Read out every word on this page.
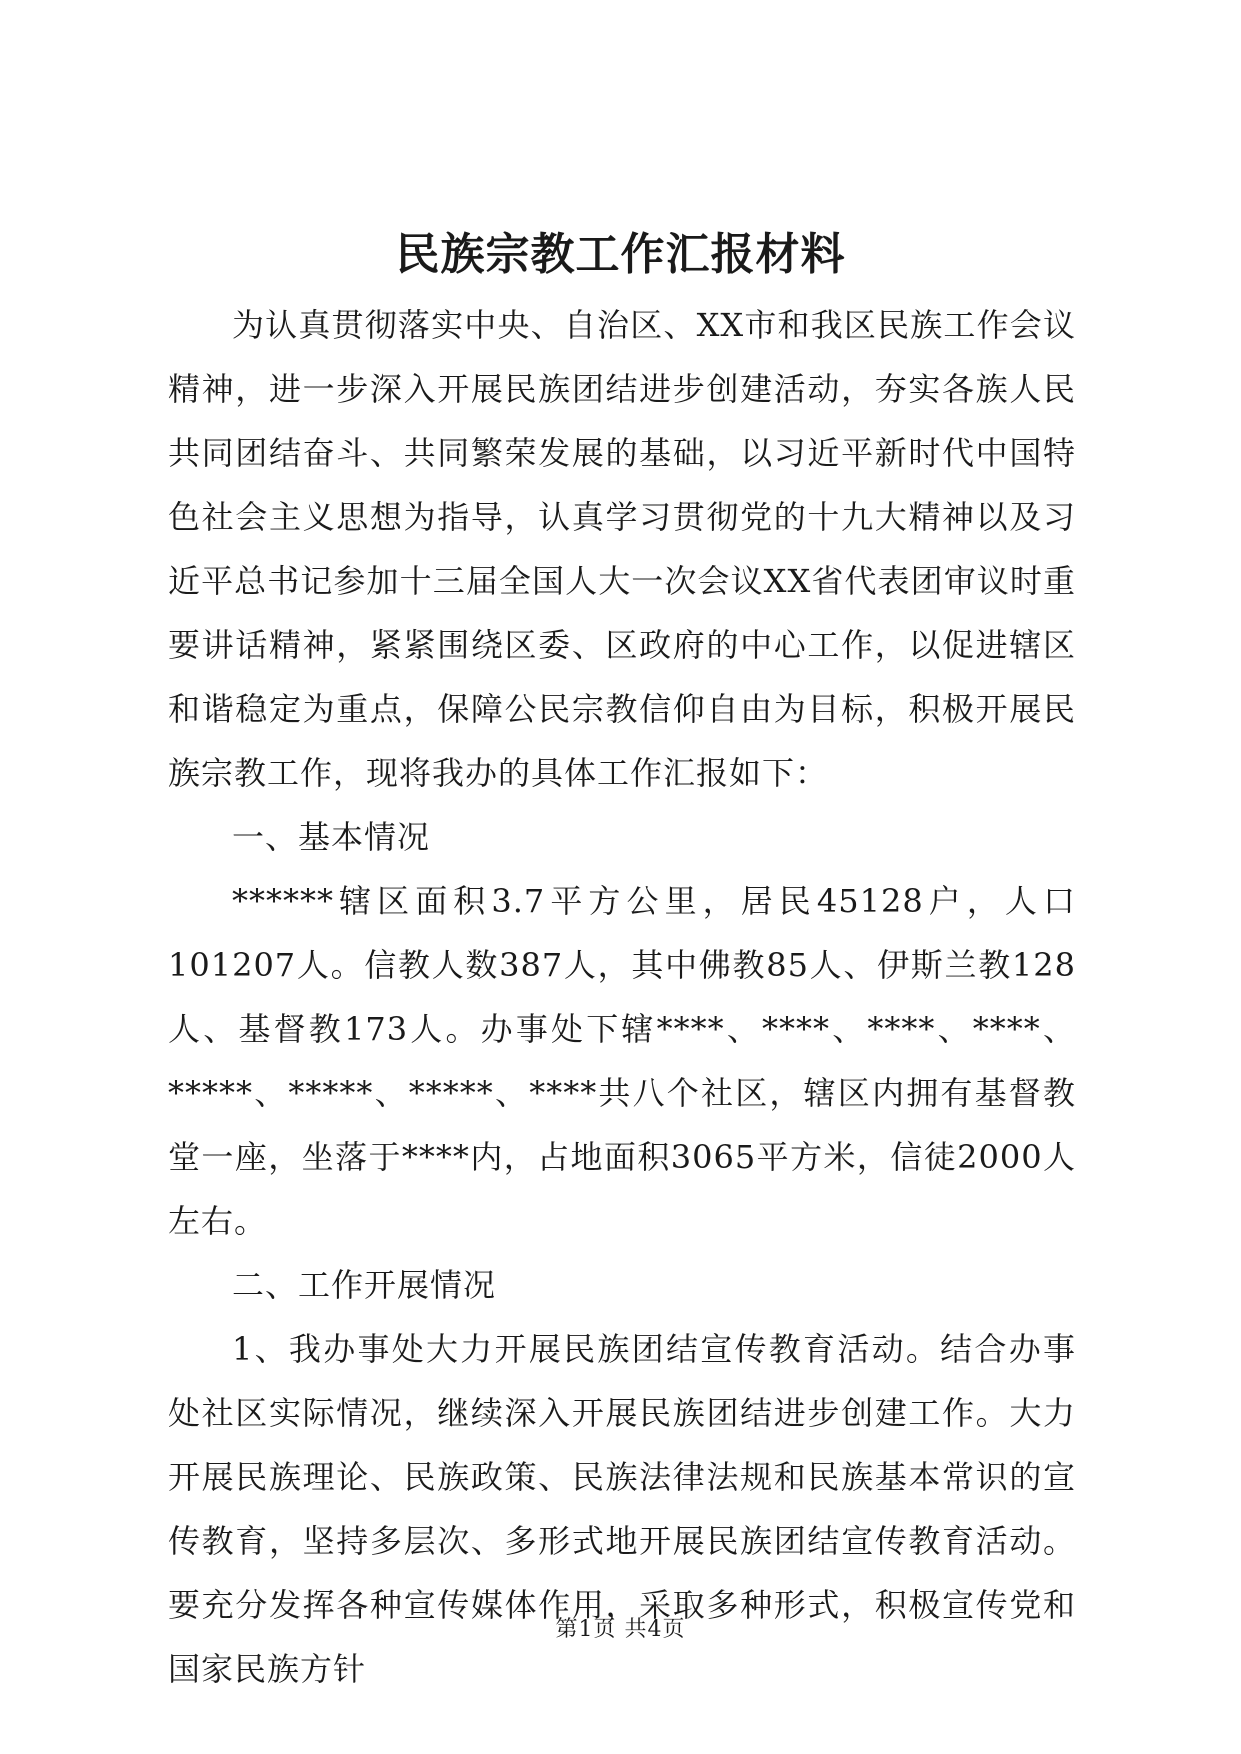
民族宗教工作汇报材料

为认真贯彻落实中央、自治区、XX市和我区民族工作会议精神，进一步深入开展民族团结进步创建活动，夯实各族人民共同团结奋斗、共同繁荣发展的基础，以习近平新时代中国特色社会主义思想为指导，认真学习贯彻党的十九大精神以及习近平总书记参加十三届全国人大一次会议XX省代表团审议时重要讲话精神，紧紧围绕区委、区政府的中心工作，以促进辖区和谐稳定为重点，保障公民宗教信仰自由为目标，积极开展民族宗教工作，现将我办的具体工作汇报如下：

一、基本情况

******辖区面积3.7平方公里，居民45128户，人口101207人。信教人数387人，其中佛教85人、伊斯兰教128人、基督教173人。办事处下辖****、****、****、****、*****、*****、*****、****共八个社区，辖区内拥有基督教堂一座，坐落于****内，占地面积3065平方米，信徒2000人左右。

二、工作开展情况

1、我办事处大力开展民族团结宣传教育活动。结合办事处社区实际情况，继续深入开展民族团结进步创建工作。大力开展民族理论、民族政策、民族法律法规和民族基本常识的宣传教育，坚持多层次、多形式地开展民族团结宣传教育活动。要充分发挥各种宣传媒体作用，采取多种形式，积极宣传党和国家民族方针

第1页 共4页
